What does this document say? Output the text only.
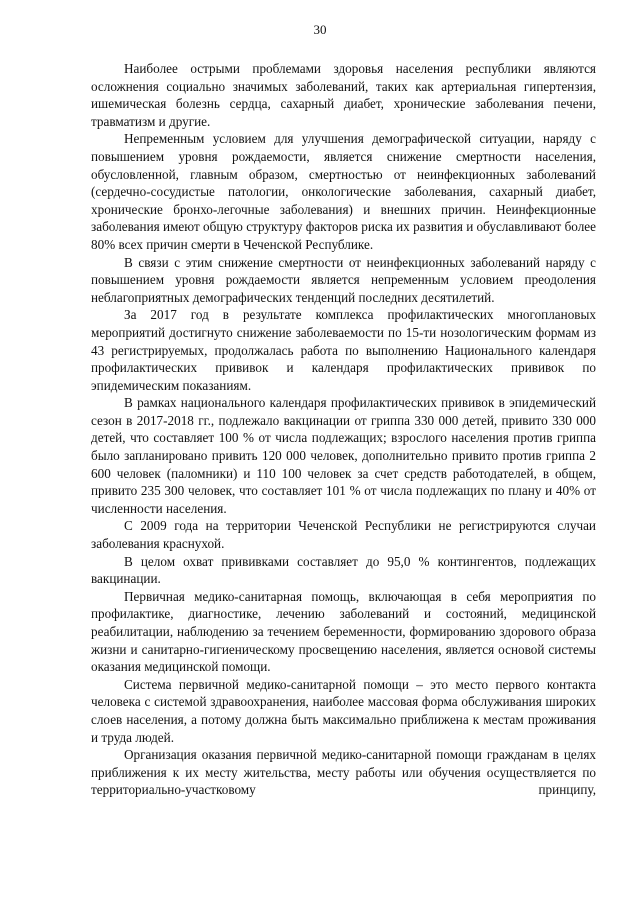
30

Наиболее острыми проблемами здоровья населения республики являются осложнения социально значимых заболеваний, таких как артериальная гипертензия, ишемическая болезнь сердца, сахарный диабет, хронические заболевания печени, травматизм и другие.

Непременным условием для улучшения демографической ситуации, наряду с повышением уровня рождаемости, является снижение смертности населения, обусловленной, главным образом, смертностью от неинфекционных заболеваний (сердечно-сосудистые патологии, онкологические заболевания, сахарный диабет, хронические бронхо-легочные заболевания) и внешних причин. Неинфекционные заболевания имеют общую структуру факторов риска их развития и обуславливают более 80% всех причин смерти в Чеченской Республике.

В связи с этим снижение смертности от неинфекционных заболеваний наряду с повышением уровня рождаемости является непременным условием преодоления неблагоприятных демографических тенденций последних десятилетий.

За 2017 год в результате комплекса профилактических многоплановых мероприятий достигнуто снижение заболеваемости по 15-ти нозологическим формам из 43 регистрируемых, продолжалась работа по выполнению Национального календаря профилактических прививок и календаря профилактических прививок по эпидемическим показаниям.

В рамках национального календаря профилактических прививок в эпидемический сезон в 2017-2018 гг., подлежало вакцинации от гриппа 330 000 детей, привито 330 000 детей, что составляет 100 % от числа подлежащих; взрослого населения против гриппа было запланировано привить 120 000 человек, дополнительно привито против гриппа 2 600 человек (паломники) и 110 100 человек за счет средств работодателей, в общем, привито 235 300 человек, что составляет 101 % от числа подлежащих по плану и 40% от численности населения.

С 2009 года на территории Чеченской Республики не регистрируются случаи заболевания краснухой.

В целом охват прививками составляет до 95,0 % контингентов, подлежащих вакцинации.

Первичная медико-санитарная помощь, включающая в себя мероприятия по профилактике, диагностике, лечению заболеваний и состояний, медицинской реабилитации, наблюдению за течением беременности, формированию здорового образа жизни и санитарно-гигиеническому просвещению населения, является основой системы оказания медицинской помощи.

Система первичной медико-санитарной помощи – это место первого контакта человека с системой здравоохранения, наиболее массовая форма обслуживания широких слоев населения, а потому должна быть максимально приближена к местам проживания и труда людей.

Организация оказания первичной медико-санитарной помощи гражданам в целях приближения к их месту жительства, месту работы или обучения осуществляется по территориально-участковому принципу,
